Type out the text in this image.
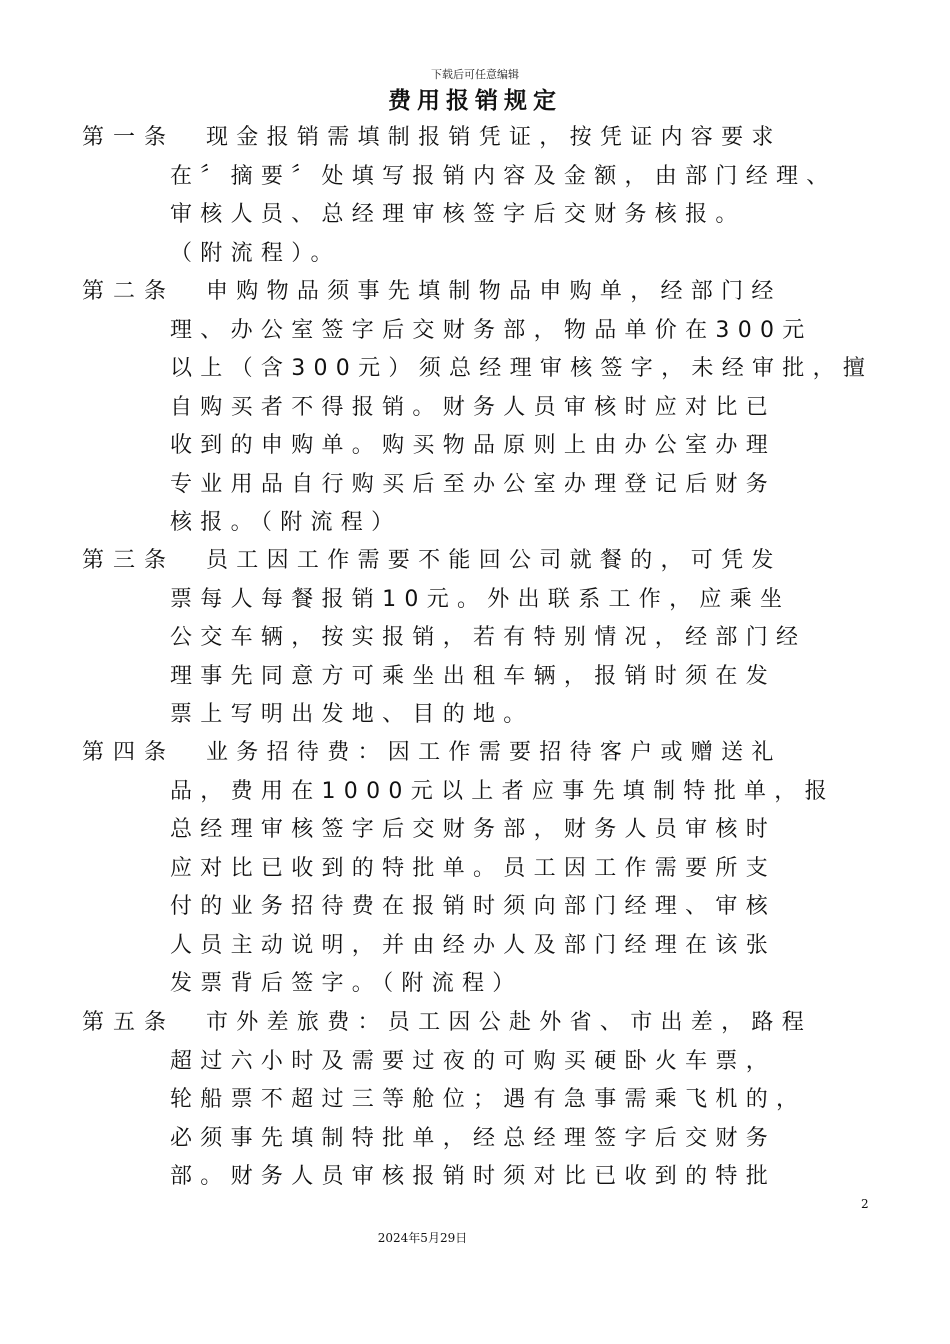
下载后可任意编辑
费用报销规定
第一条 现金报销需填制报销凭证，按凭证内容要求
在〞摘要〞处填写报销内容及金额，由部门经理、
审核人员、总经理审核签字后交财务核报。
（附流程）。
第二条 申购物品须事先填制物品申购单，经部门经
理、办公室签字后交财务部，物品单价在300元
以上（含300元）须总经理审核签字，未经审批，擅
自购买者不得报销。财务人员审核时应对比已
收到的申购单。购买物品原则上由办公室办理
专业用品自行购买后至办公室办理登记后财务
核报。（附流程）
第三条 员工因工作需要不能回公司就餐的，可凭发
票每人每餐报销10元。外出联系工作，应乘坐
公交车辆，按实报销，若有特别情况，经部门经
理事先同意方可乘坐出租车辆，报销时须在发
票上写明出发地、目的地。
第四条 业务招待费：因工作需要招待客户或赠送礼
品，费用在1000元以上者应事先填制特批单，报
总经理审核签字后交财务部，财务人员审核时
应对比已收到的特批单。员工因工作需要所支
付的业务招待费在报销时须向部门经理、审核
人员主动说明，并由经办人及部门经理在该张
发票背后签字。（附流程）
第五条 市外差旅费：员工因公赴外省、市出差，路程
超过六小时及需要过夜的可购买硬卧火车票，
轮船票不超过三等舱位；遇有急事需乘飞机的，
必须事先填制特批单，经总经理签字后交财务
部。财务人员审核报销时须对比已收到的特批
2
2024年5月29日
